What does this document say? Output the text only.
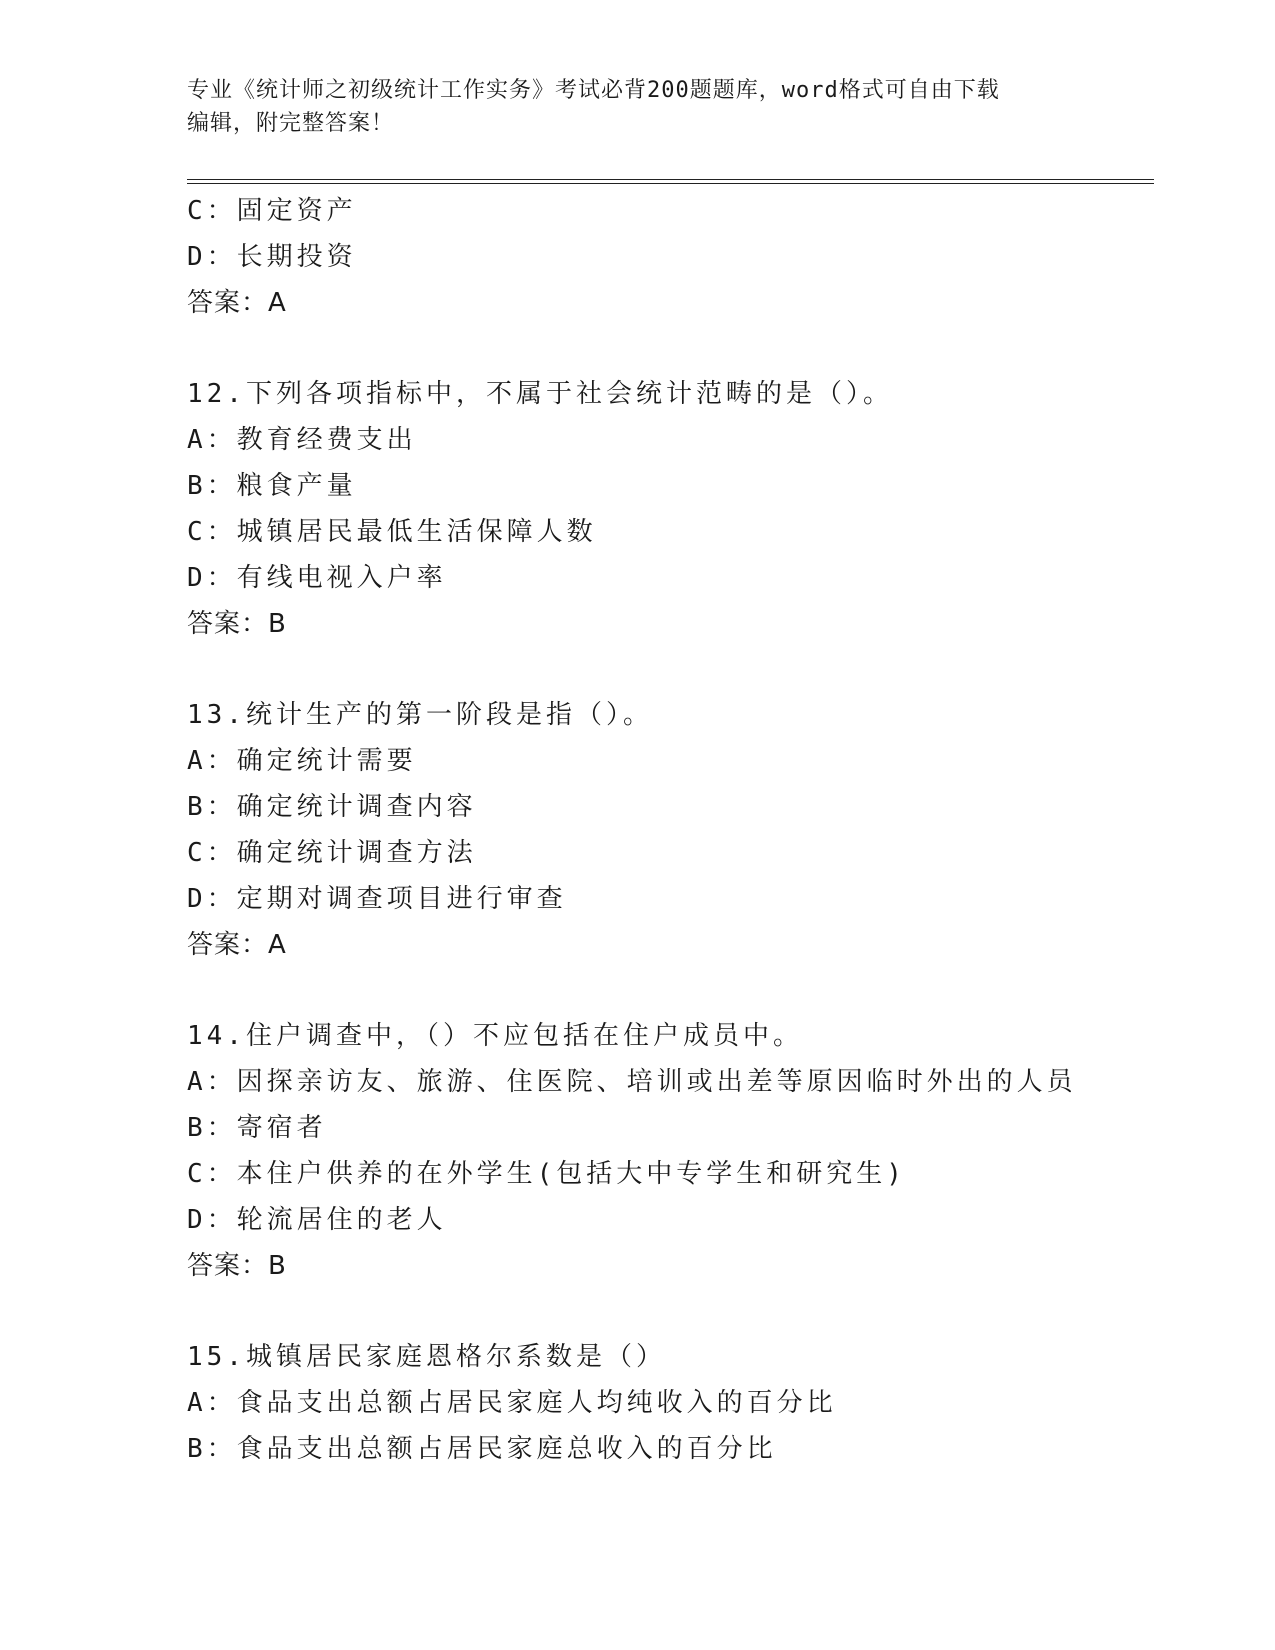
专业《统计师之初级统计工作实务》考试必背200题题库，word格式可自由下载
编辑，附完整答案！
C：固定资产
D：长期投资
答案：A
12.下列各项指标中，不属于社会统计范畴的是（）。
A：教育经费支出
B：粮食产量
C：城镇居民最低生活保障人数
D：有线电视入户率
答案：B
13.统计生产的第一阶段是指（）。
A：确定统计需要
B：确定统计调查内容
C：确定统计调查方法
D：定期对调查项目进行审查
答案：A
14.住户调查中，（）不应包括在住户成员中。
A：因探亲访友、旅游、住医院、培训或出差等原因临时外出的人员
B：寄宿者
C：本住户供养的在外学生(包括大中专学生和研究生)
D：轮流居住的老人
答案：B
15.城镇居民家庭恩格尔系数是（）
A：食品支出总额占居民家庭人均纯收入的百分比
B：食品支出总额占居民家庭总收入的百分比
